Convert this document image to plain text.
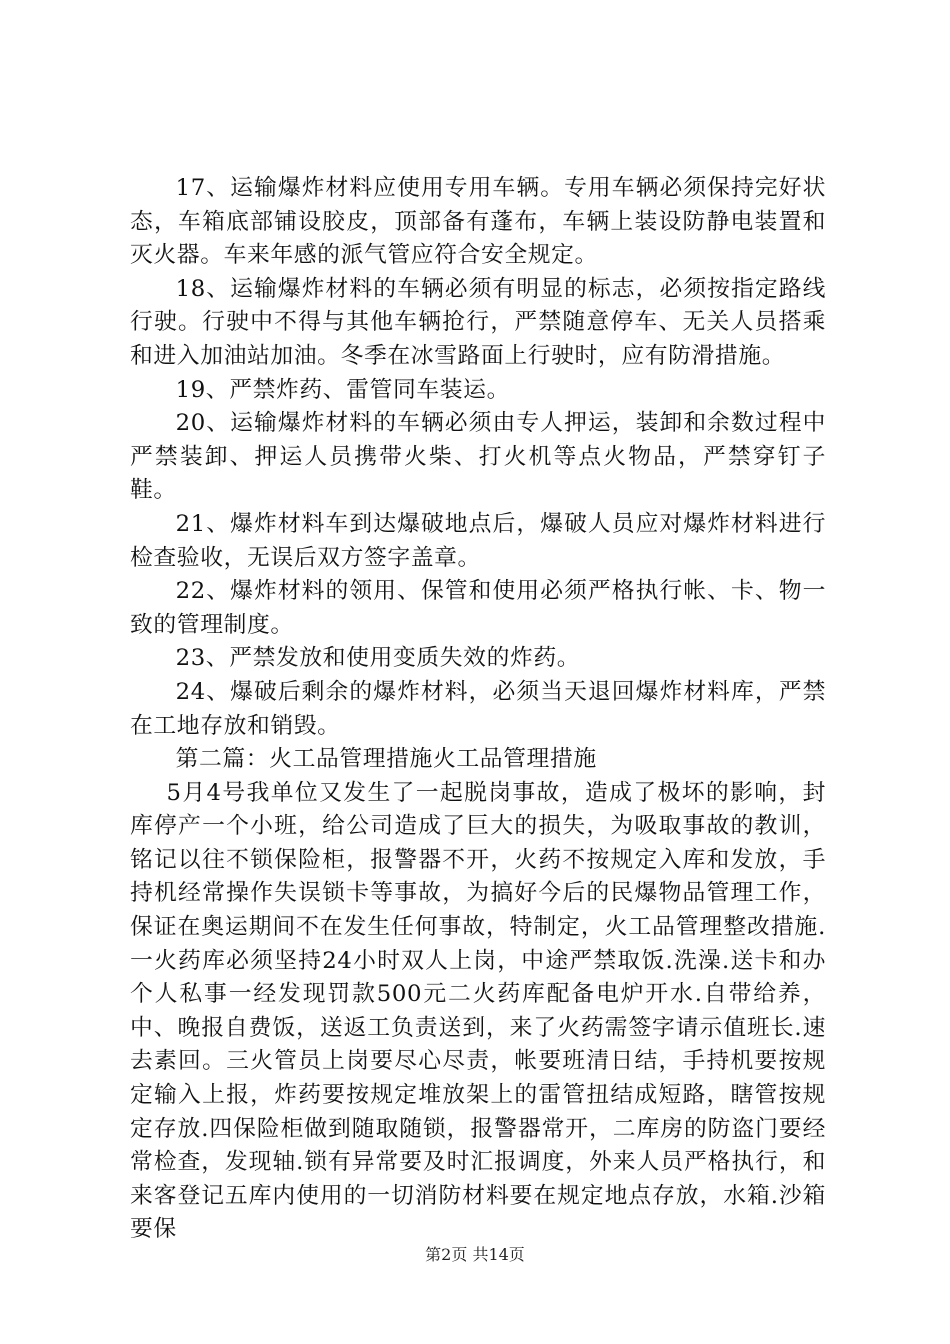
17、运输爆炸材料应使用专用车辆。专用车辆必须保持完好状态，车箱底部铺设胶皮，顶部备有蓬布，车辆上装设防静电装置和灭火器。车来年感的派气管应符合安全规定。

18、运输爆炸材料的车辆必须有明显的标志，必须按指定路线行驶。行驶中不得与其他车辆抢行，严禁随意停车、无关人员搭乘和进入加油站加油。冬季在冰雪路面上行驶时，应有防滑措施。

19、严禁炸药、雷管同车装运。

20、运输爆炸材料的车辆必须由专人押运，装卸和余数过程中严禁装卸、押运人员携带火柴、打火机等点火物品，严禁穿钉子鞋。

21、爆炸材料车到达爆破地点后，爆破人员应对爆炸材料进行检查验收，无误后双方签字盖章。

22、爆炸材料的领用、保管和使用必须严格执行帐、卡、物一致的管理制度。

23、严禁发放和使用变质失效的炸药。

24、爆破后剩余的爆炸材料，必须当天退回爆炸材料库，严禁在工地存放和销毁。

第二篇：火工品管理措施火工品管理措施

5月4号我单位又发生了一起脱岗事故，造成了极坏的影响，封库停产一个小班，给公司造成了巨大的损失，为吸取事故的教训，铭记以往不锁保险柜，报警器不开，火药不按规定入库和发放，手持机经常操作失误锁卡等事故，为搞好今后的民爆物品管理工作，保证在奥运期间不在发生任何事故，特制定，火工品管理整改措施.一火药库必须坚持24小时双人上岗，中途严禁取饭.洗澡.送卡和办个人私事一经发现罚款500元二火药库配备电炉开水.自带给养，中、晚报自费饭，送返工负责送到，来了火药需签字请示值班长.速去素回。三火管员上岗要尽心尽责，帐要班清日结，手持机要按规定输入上报，炸药要按规定堆放架上的雷管扭结成短路，瞎管按规定存放.四保险柜做到随取随锁，报警器常开，二库房的防盗门要经常检查，发现轴.锁有异常要及时汇报调度，外来人员严格执行，和来客登记五库内使用的一切消防材料要在规定地点存放，水箱.沙箱要保

第2页 共14页
